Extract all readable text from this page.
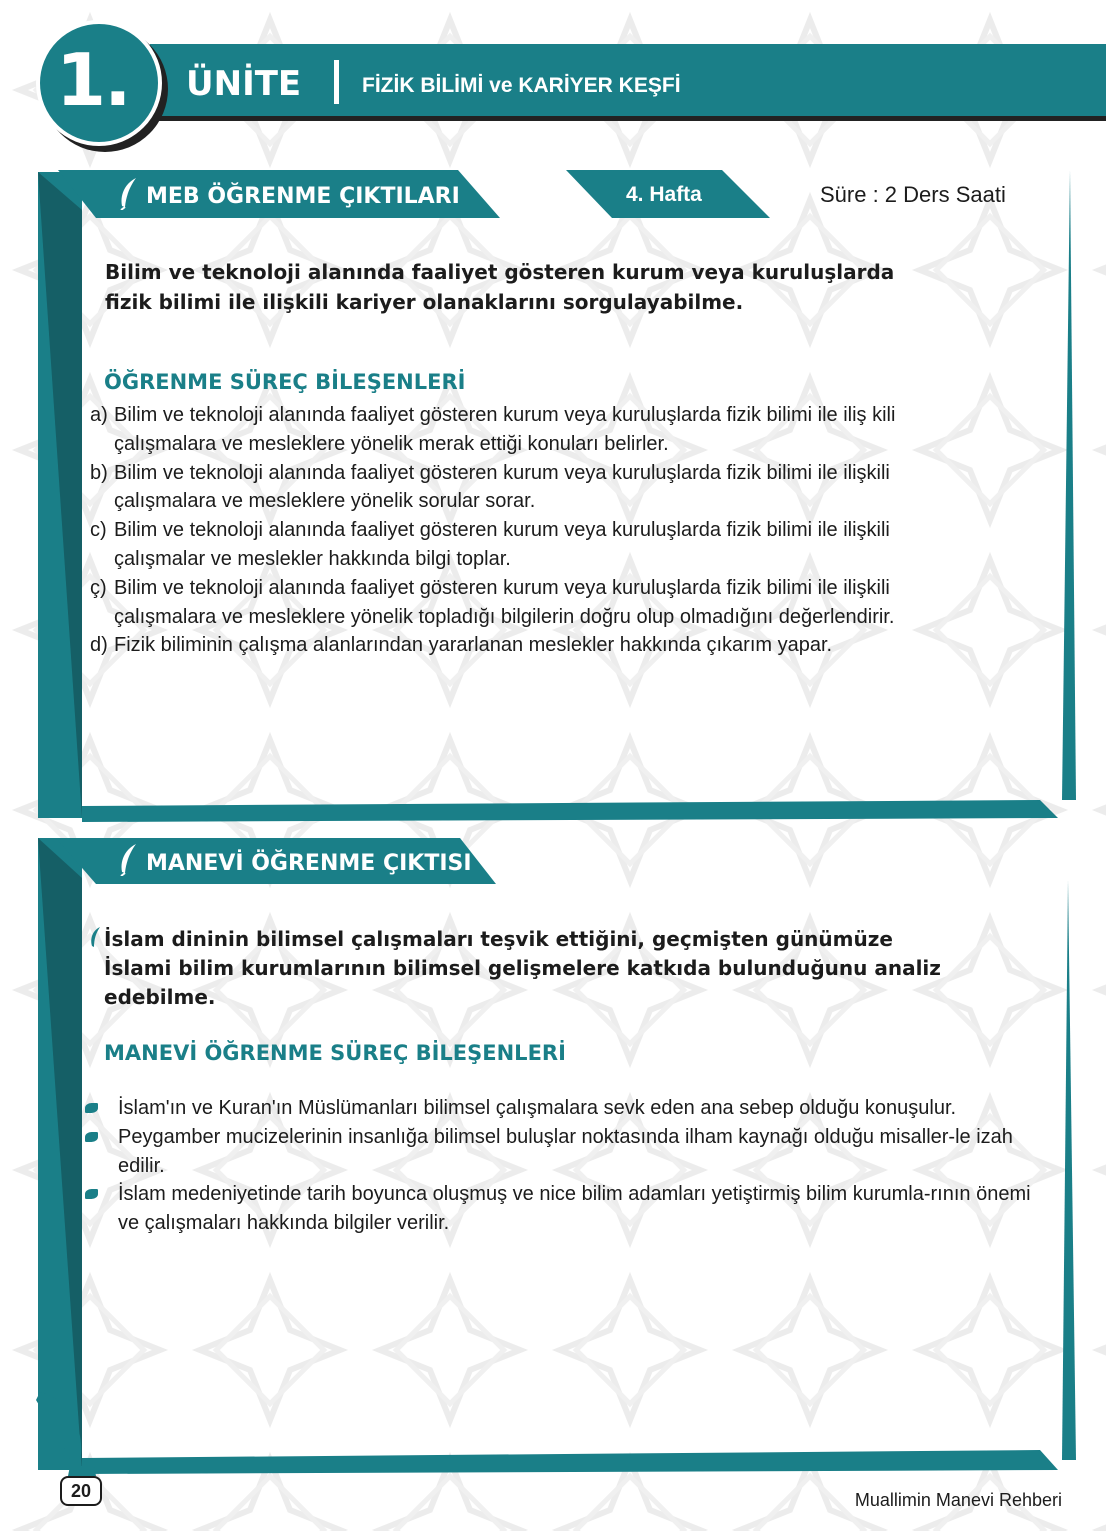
1. ÜNİTE	FİZİK BİLİMİ ve KARİYER KEŞFİ
MEB ÖĞRENME ÇIKTILARI	4. Hafta	Süre : 2 Ders Saati
Bilim ve teknoloji alanında faaliyet gösteren kurum veya kuruluşlarda
fizik bilimi ile ilişkili kariyer olanaklarını sorgulayabilme.
ÖĞRENME SÜREÇ BİLEŞENLERİ
a) Bilim ve teknoloji alanında faaliyet gösteren kurum veya kuruluşlarda fizik bilimi ile iliş kili çalışmalara ve mesleklere yönelik merak ettiği konuları belirler.
b) Bilim ve teknoloji alanında faaliyet gösteren kurum veya kuruluşlarda fizik bilimi ile ilişkili çalışmalara ve mesleklere yönelik sorular sorar.
c) Bilim ve teknoloji alanında faaliyet gösteren kurum veya kuruluşlarda fizik bilimi ile ilişkili çalışmalar ve meslekler hakkında bilgi toplar.
ç) Bilim ve teknoloji alanında faaliyet gösteren kurum veya kuruluşlarda fizik bilimi ile ilişkili çalışmalara ve mesleklere yönelik topladığı bilgilerin doğru olup olmadığını değerlendirir.
d) Fizik biliminin çalışma alanlarından yararlanan meslekler hakkında çıkarım yapar.
MANEVİ ÖĞRENME ÇIKTISI
İslam dininin bilimsel çalışmaları teşvik ettiğini, geçmişten günümüze
İslami bilim kurumlarının bilimsel gelişmelere katkıda bulunduğunu analiz
edebilme.
MANEVİ ÖĞRENME SÜREÇ BİLEŞENLERİ
İslam'ın ve Kuran'ın Müslümanları bilimsel çalışmalara sevk eden ana sebep olduğu konuşulur.
Peygamber mucizelerinin insanlığa bilimsel buluşlar noktasında ilham kaynağı olduğu misaller-le izah edilir.
İslam medeniyetinde tarih boyunca oluşmuş ve nice bilim adamları yetiştirmiş bilim kurumla-rının önemi ve çalışmaları hakkında bilgiler verilir.
20	Muallimin Manevi Rehberi
